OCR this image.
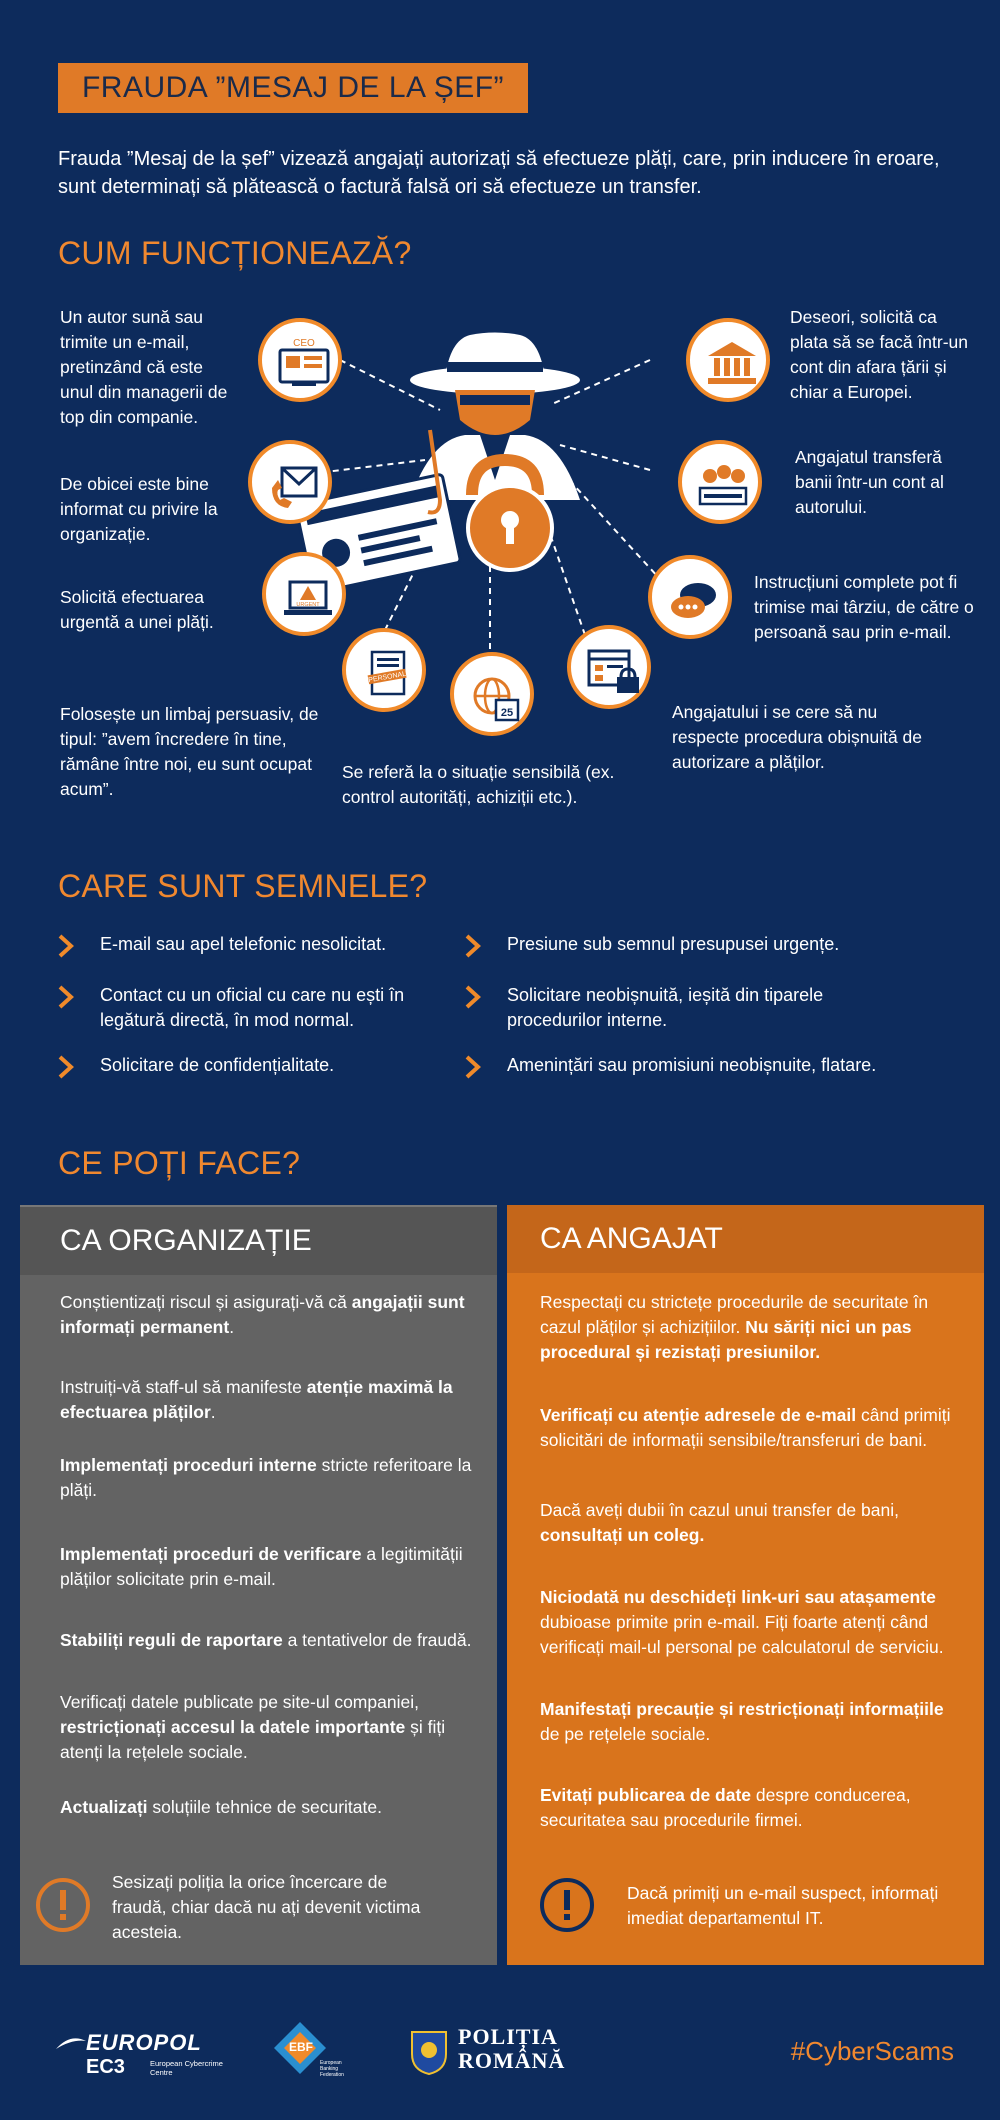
FRAUDA ”MESAJ DE LA ȘEF”
Frauda ”Mesaj de la șef” vizează angajați autorizați să efectueze plăți, care, prin inducere în eroare, sunt determinați să plătească o factură falsă ori să efectueze un transfer.
CUM FUNCȚIONEAZĂ?
Un autor sună sau trimite un e-mail, pretinzând că este unul din managerii de top din companie.
De obicei este bine informat cu privire la organizație.
Solicită efectuarea urgentă a unei plăți.
Folosește un limbaj persuasiv, de tipul: ”avem încredere în tine, rămâne între noi, eu sunt ocupat acum”.
Se referă la o situație sensibilă (ex. control autorități, achiziții etc.).
Deseori, solicită ca plata să se facă într-un cont din afara țării și chiar a Europei.
Angajatul transferă banii într-un cont al autorului.
Instrucțiuni complete pot fi trimise mai târziu, de către o persoană sau prin e-mail.
Angajatului i se cere să nu respecte procedura obișnuită de autorizare a plăților.
CEO
URGENT
PERSONAL
25
CARE SUNT SEMNELE?
E-mail sau apel telefonic nesolicitat.
Contact cu un oficial cu care nu ești în legătură directă, în mod normal.
Solicitare de confidențialitate.
Presiune sub semnul presupusei urgențe.
Solicitare neobișnuită, ieșită din tiparele procedurilor interne.
Amenințări sau promisiuni neobișnuite, flatare.
CE POȚI FACE?
CA ORGANIZAȚIE
Conștientizați riscul și asigurați-vă că angajații sunt informați permanent.
Instruiți-vă staff-ul să manifeste atenție maximă la efectuarea plăților.
Implementați proceduri interne stricte referitoare la plăți.
Implementați proceduri de verificare a legitimității plăților solicitate prin e-mail.
Stabiliți reguli de raportare a tentativelor de fraudă.
Verificați datele publicate pe site-ul companiei, restricționați accesul la datele importante și fiți atenți la rețelele sociale.
Actualizați soluțiile tehnice de securitate.
Sesizați poliția la orice încercare de fraudă, chiar dacă nu ați devenit victima acesteia.
CA ANGAJAT
Respectați cu strictețe procedurile de securitate în cazul plăților și achizițiilor. Nu săriți nici un pas procedural și rezistați presiunilor.
Verificați cu atenție adresele de e-mail când primiți solicitări de informații sensibile/transferuri de bani.
Dacă aveți dubii în cazul unui transfer de bani, consultați un coleg.
Niciodată nu deschideți link-uri sau atașamente dubioase primite prin e-mail. Fiți foarte atenți când verificați mail-ul personal pe calculatorul de serviciu.
Manifestați precauție și restricționați informațiile de pe rețelele sociale.
Evitați publicarea de date despre conducerea, securitatea sau procedurile firmei.
Dacă primiți un e-mail suspect, informați imediat departamentul IT.
EUROPOL
EC3	European Cybercrime Centre
EBF
European Banking Federation
POLIȚIA
ROMÂNĂ	#CyberScams
